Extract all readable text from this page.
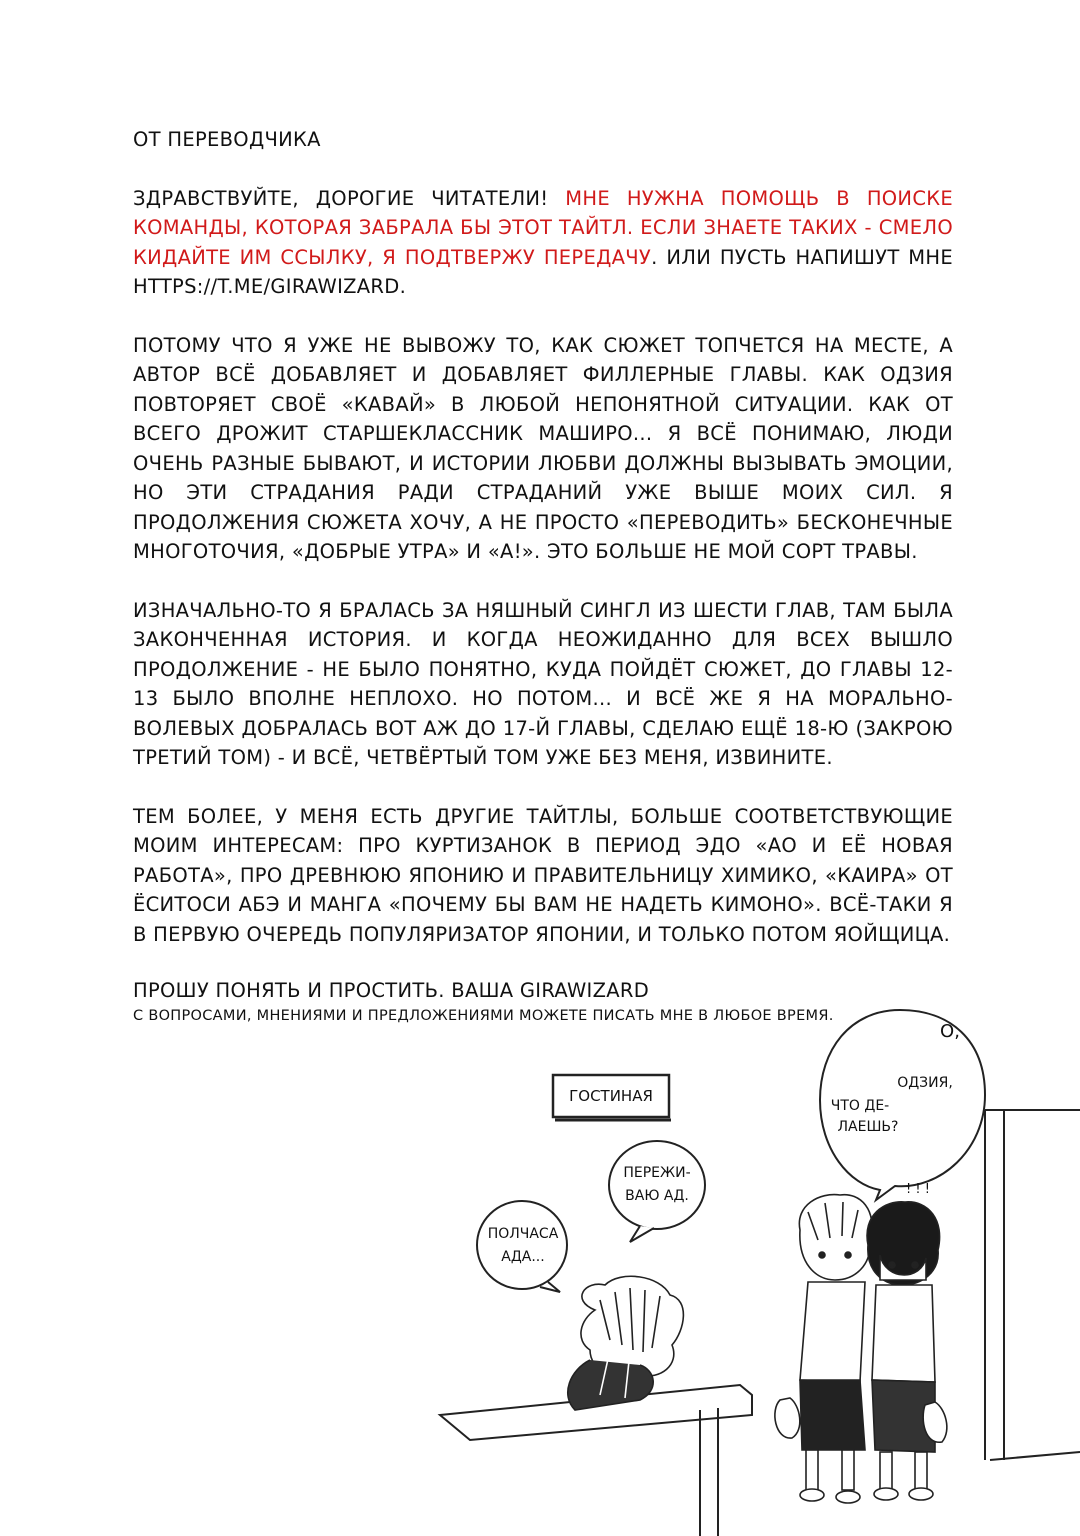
ОТ ПЕРЕВОДЧИКА

ЗДРАВСТВУЙТЕ, ДОРОГИЕ ЧИТАТЕЛИ! МНЕ НУЖНА ПОМОЩЬ В ПОИСКЕ КОМАНДЫ, КОТОРАЯ ЗАБРАЛА БЫ ЭТОТ ТАЙТЛ. ЕСЛИ ЗНАЕТЕ ТАКИХ - СМЕЛО КИДАЙТЕ ИМ ССЫЛКУ, Я ПОДТВЕРЖУ ПЕРЕДАЧУ. ИЛИ ПУСТЬ НАПИШУТ МНЕ HTTPS://T.ME/GIRAWIZARD.

ПОТОМУ ЧТО Я УЖЕ НЕ ВЫВОЖУ ТО, КАК СЮЖЕТ ТОПЧЕТСЯ НА МЕСТЕ, А АВТОР ВСЁ ДОБАВЛЯЕТ И ДОБАВЛЯЕТ ФИЛЛЕРНЫЕ ГЛАВЫ. КАК ОДЗИЯ ПОВТОРЯЕТ СВОЁ «КАВАЙ» В ЛЮБОЙ НЕПОНЯТНОЙ СИТУАЦИИ. КАК ОТ ВСЕГО ДРОЖИТ СТАРШЕКЛАССНИК МАШИРО... Я ВСЁ ПОНИМАЮ, ЛЮДИ ОЧЕНЬ РАЗНЫЕ БЫВАЮТ, И ИСТОРИИ ЛЮБВИ ДОЛЖНЫ ВЫЗЫВАТЬ ЭМОЦИИ, НО ЭТИ СТРАДАНИЯ РАДИ СТРАДАНИЙ УЖЕ ВЫШЕ МОИХ СИЛ. Я ПРОДОЛЖЕНИЯ СЮЖЕТА ХОЧУ, А НЕ ПРОСТО «ПЕРЕВОДИТЬ» БЕСКОНЕЧНЫЕ МНОГОТОЧИЯ, «ДОБРЫЕ УТРА» И «А!». ЭТО БОЛЬШЕ НЕ МОЙ СОРТ ТРАВЫ.

ИЗНАЧАЛЬНО-ТО Я БРАЛАСЬ ЗА НЯШНЫЙ СИНГЛ ИЗ ШЕСТИ ГЛАВ, ТАМ БЫЛА ЗАКОНЧЕННАЯ ИСТОРИЯ. И КОГДА НЕОЖИДАННО ДЛЯ ВСЕХ ВЫШЛО ПРОДОЛЖЕНИЕ - НЕ БЫЛО ПОНЯТНО, КУДА ПОЙДЁТ СЮЖЕТ, ДО ГЛАВЫ 12-13 БЫЛО ВПОЛНЕ НЕПЛОХО. НО ПОТОМ... И ВСЁ ЖЕ Я НА МОРАЛЬНО-ВОЛЕВЫХ ДОБРАЛАСЬ ВОТ АЖ ДО 17-Й ГЛАВЫ, СДЕЛАЮ ЕЩЁ 18-Ю (ЗАКРОЮ ТРЕТИЙ ТОМ) - И ВСЁ, ЧЕТВЁРТЫЙ ТОМ УЖЕ БЕЗ МЕНЯ, ИЗВИНИТЕ.

ТЕМ БОЛЕЕ, У МЕНЯ ЕСТЬ ДРУГИЕ ТАЙТЛЫ, БОЛЬШЕ СООТВЕТСТВУЮЩИЕ МОИМ ИНТЕРЕСАМ: ПРО КУРТИЗАНОК В ПЕРИОД ЭДО «АО И ЕЁ НОВАЯ РАБОТА», ПРО ДРЕВНЮЮ ЯПОНИЮ И ПРАВИТЕЛЬНИЦУ ХИМИКО, «КАИРА» ОТ ЁСИТОСИ АБЭ И МАНГА «ПОЧЕМУ БЫ ВАМ НЕ НАДЕТЬ КИМОНО». ВСЁ-ТАКИ Я В ПЕРВУЮ ОЧЕРЕДЬ ПОПУЛЯРИЗАТОР ЯПОНИИ, И ТОЛЬКО ПОТОМ ЯОЙЩИЦА.

ПРОШУ ПОНЯТЬ И ПРОСТИТЬ. ВАША GIRAWIZARD
С ВОПРОСАМИ, МНЕНИЯМИ И ПРЕДЛОЖЕНИЯМИ МОЖЕТЕ ПИСАТЬ МНЕ В ЛЮБОЕ ВРЕМЯ.
ГОСТИНАЯ
О,
ОДЗИЯ,
ЧТО ДЕ-
ЛАЕШЬ?
ПЕРЕЖИ-
ВАЮ АД.
ПОЛЧАСА
АДА...
! ! !
